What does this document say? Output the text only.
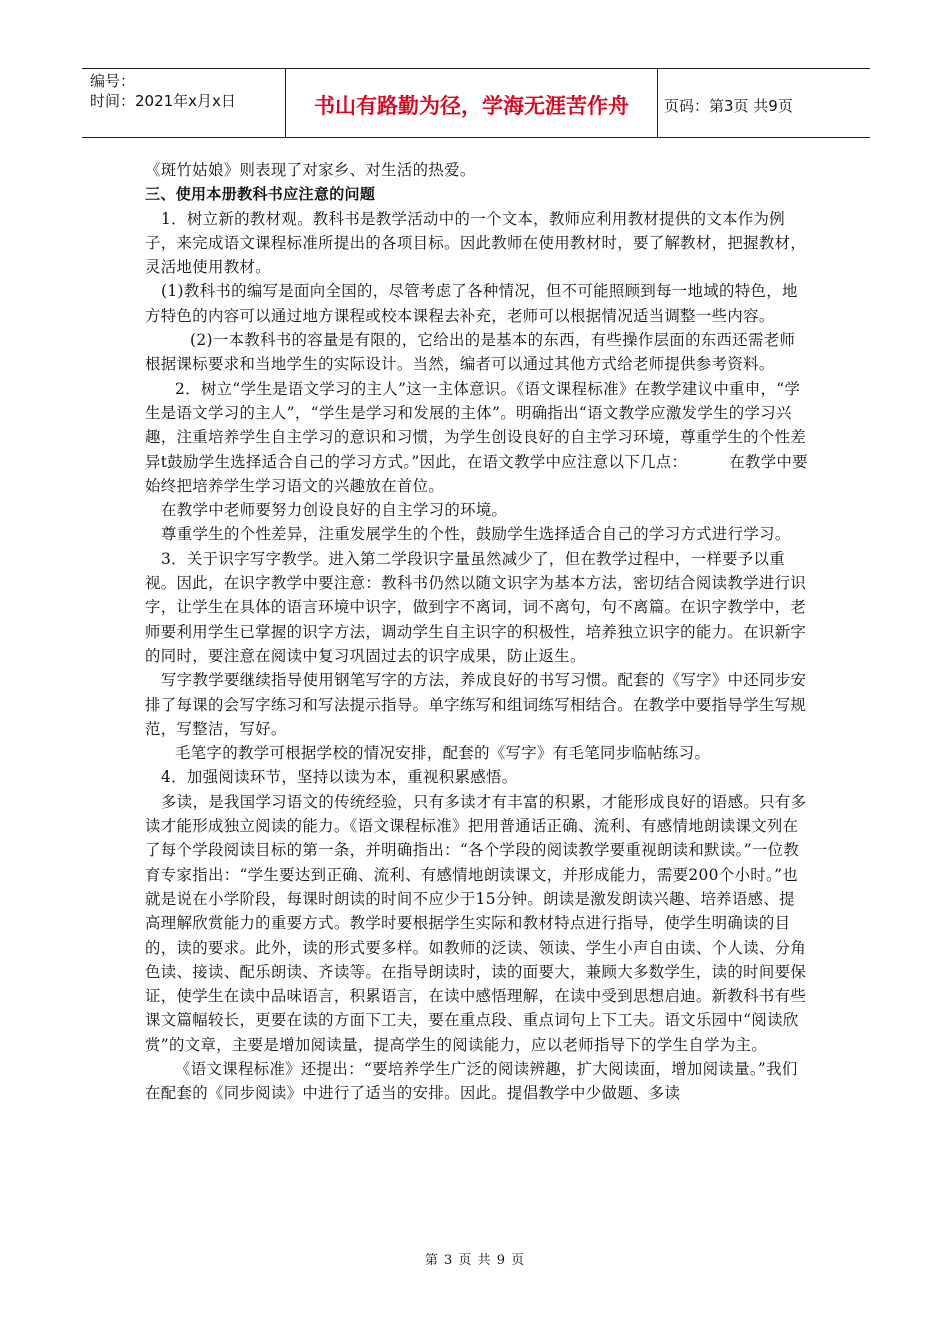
编号：
时间：2021年x月x日	书山有路勤为径，学海无涯苦作舟	页码：第3页 共9页

《斑竹姑娘》则表现了对家乡、对生活的热爱。

三、使用本册教科书应注意的问题

1．树立新的教材观。教科书是教学活动中的一个文本，教师应利用教材提供的文本作为例子，来完成语文课程标准所提出的各项目标。因此教师在使用教材时，要了解教材，把握教材，灵活地使用教材。

(1)教科书的编写是面向全国的，尽管考虑了各种情况，但不可能照顾到每一地域的特色，地方特色的内容可以通过地方课程或校本课程去补充，老师可以根据情况适当调整一些内容。

(2)一本教科书的容量是有限的，它给出的是基本的东西，有些操作层面的东西还需老师根据课标要求和当地学生的实际设计。当然，编者可以通过其他方式给老师提供参考资料。

2．树立“学生是语文学习的主人”这一主体意识。《语文课程标准》在教学建议中重申，“学生是语文学习的主人”，“学生是学习和发展的主体”。明确指出“语文教学应激发学生的学习兴趣，注重培养学生自主学习的意识和习惯，为学生创设良好的自主学习环境，尊重学生的个性差异t鼓励学生选择适合自己的学习方式。”因此，在语文教学中应注意以下几点：	在教学中要始终把培养学生学习语文的兴趣放在首位。

在教学中老师要努力创设良好的自主学习的环境。

尊重学生的个性差异，注重发展学生的个性，鼓励学生选择适合自己的学习方式进行学习。

3．关于识字写字教学。进入第二学段识字量虽然减少了，但在教学过程中，一样要予以重视。因此，在识字教学中要注意：教科书仍然以随文识字为基本方法，密切结合阅读教学进行识字，让学生在具体的语言环境中识字，做到字不离词，词不离句，句不离篇。在识字教学中，老师要利用学生已掌握的识字方法，调动学生自主识字的积极性，培养独立识字的能力。在识新字的同时，要注意在阅读中复习巩固过去的识字成果，防止返生。

写字教学要继续指导使用钢笔写字的方法，养成良好的书写习惯。配套的《写字》中还同步安排了每课的会写字练习和写法提示指导。单字练写和组词练写相结合。在教学中要指导学生写规范，写整洁，写好。

毛笔字的教学可根据学校的情况安排，配套的《写字》有毛笔同步临帖练习。

4．加强阅读环节，坚持以读为本，重视积累感悟。

多读，是我国学习语文的传统经验，只有多读才有丰富的积累，才能形成良好的语感。只有多读才能形成独立阅读的能力。《语文课程标准》把用普通话正确、流利、有感情地朗读课文列在了每个学段阅读目标的第一条，并明确指出：“各个学段的阅读教学要重视朗读和默读。”一位教育专家指出：“学生要达到正确、流利、有感情地朗读课文，并形成能力，需要200个小时。”也就是说在小学阶段，每课时朗读的时间不应少于15分钟。朗读是激发朗读兴趣、培养语感、提高理解欣赏能力的重要方式。教学时要根据学生实际和教材特点进行指导，使学生明确读的目的，读的要求。此外，读的形式要多样。如教师的泛读、领读、学生小声自由读、个人读、分角色读、接读、配乐朗读、齐读等。在指导朗读时，读的面要大，兼顾大多数学生，读的时间要保证，使学生在读中品味语言，积累语言，在读中感悟理解，在读中受到思想启迪。新教科书有些课文篇幅较长，更要在读的方面下工夫，要在重点段、重点词句上下工夫。语文乐园中“阅读欣赏”的文章，主要是增加阅读量，提高学生的阅读能力，应以老师指导下的学生自学为主。

《语文课程标准》还提出：“要培养学生广泛的阅读辨趣，扩大阅读面，增加阅读量。”我们在配套的《同步阅读》中进行了适当的安排。因此。提倡教学中少做题、多读

第 3 页 共 9 页
